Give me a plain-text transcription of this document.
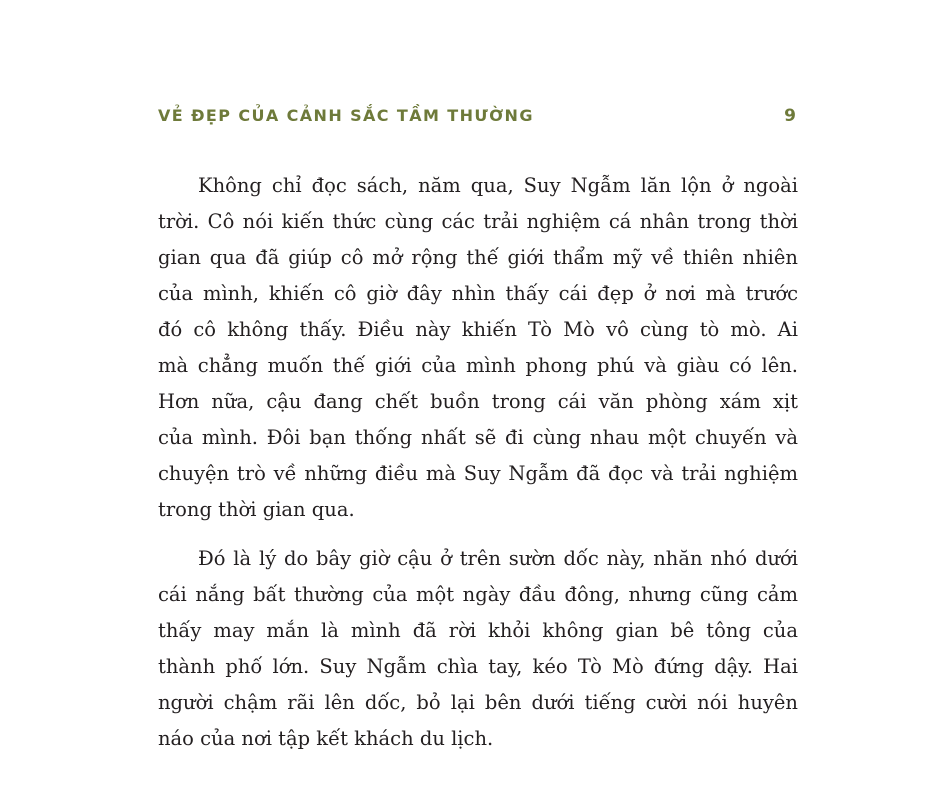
VẺ ĐẸP CỦA CẢNH SẮC TẦM THƯỜNG	9

Không chỉ đọc sách, năm qua, Suy Ngẫm lăn lộn ở ngoài
trời. Cô nói kiến thức cùng các trải nghiệm cá nhân trong thời
gian qua đã giúp cô mở rộng thế giới thẩm mỹ về thiên nhiên
của mình, khiến cô giờ đây nhìn thấy cái đẹp ở nơi mà trước
đó cô không thấy. Điều này khiến Tò Mò vô cùng tò mò. Ai
mà chẳng muốn thế giới của mình phong phú và giàu có lên.
Hơn nữa, cậu đang chết buồn trong cái văn phòng xám xịt
của mình. Đôi bạn thống nhất sẽ đi cùng nhau một chuyến và
chuyện trò về những điều mà Suy Ngẫm đã đọc và trải nghiệm
trong thời gian qua.

Đó là lý do bây giờ cậu ở trên sườn dốc này, nhăn nhó dưới
cái nắng bất thường của một ngày đầu đông, nhưng cũng cảm
thấy may mắn là mình đã rời khỏi không gian bê tông của
thành phố lớn. Suy Ngẫm chìa tay, kéo Tò Mò đứng dậy. Hai
người chậm rãi lên dốc, bỏ lại bên dưới tiếng cười nói huyên
náo của nơi tập kết khách du lịch.
